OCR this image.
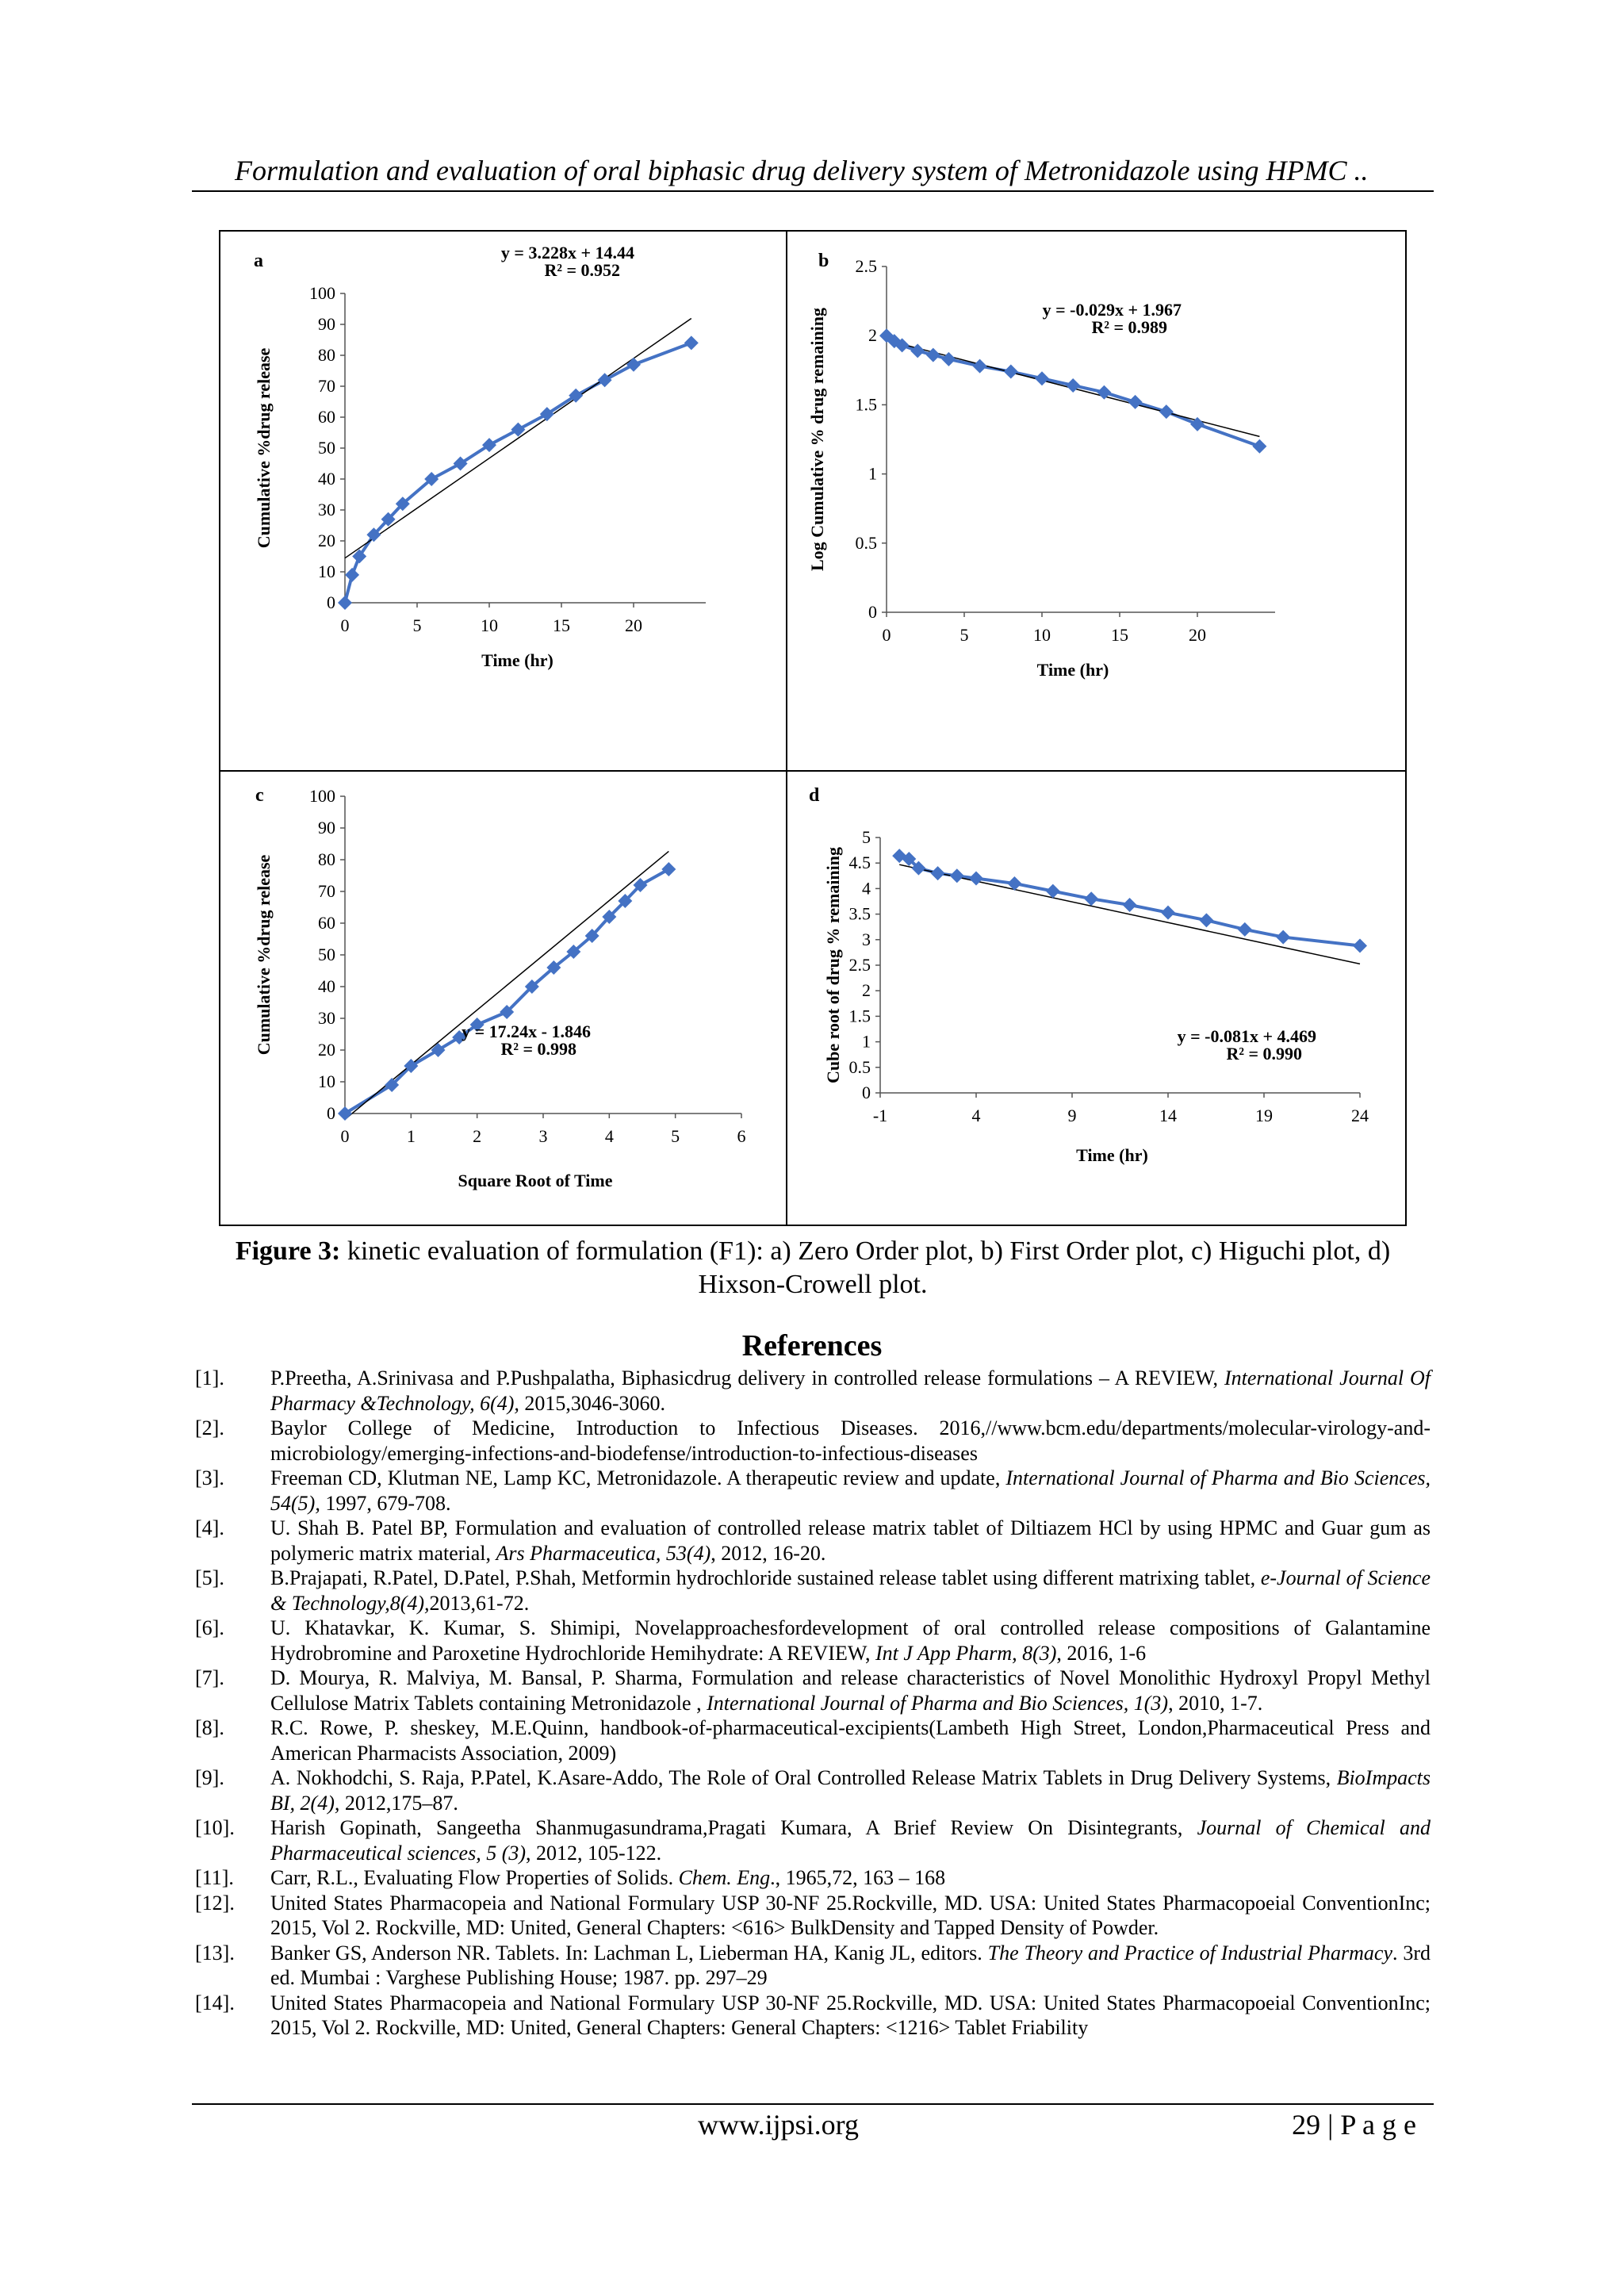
Formulation and evaluation of oral biphasic drug delivery system of Metronidazole using HPMC ..
a
0
10
20
30
40
50
60
70
80
90
100
0	5	10	15	20
Time (hr)
Cumulative %drug release
y = 3.228x + 14.44
R² = 0.952	b
0
0.5
1
1.5
2
2.5
0	5	10	15	20
Time (hr)
Log Cumulative % drug remaining	y = -0.029x + 1.967
R² = 0.989
c
0
10
20
30
40
50
60
70
80
90
100
0	1	2	3	4	5	6
Square Root of Time
Cumulative %drug release	y = 17.24x - 1.846
R² = 0.998
d
0
0.5
1
1.5
2
2.5
3
3.5
4
4.5
5
-1	4	9	14	19	24
Time (hr)
Cube root of drug % remaining	y = -0.081x + 4.469
R² = 0.990
Figure 3: kinetic evaluation of formulation (F1): a) Zero Order plot, b) First Order plot, c) Higuchi plot, d) Hixson-Crowell plot.
References
[1].	P.Preetha, A.Srinivasa and P.Pushpalatha, Biphasicdrug delivery in controlled release formulations – A REVIEW, International Journal Of Pharmacy &Technology, 6(4), 2015,3046-3060.
[2].	Baylor College of Medicine, Introduction to Infectious Diseases. 2016,//www.bcm.edu/departments/molecular-virology-and-microbiology/emerging-infections-and-biodefense/introduction-to-infectious-diseases
[3].	Freeman CD, Klutman NE, Lamp KC, Metronidazole. A therapeutic review and update, International Journal of Pharma and Bio Sciences, 54(5), 1997, 679-708.
[4].	U. Shah B. Patel BP, Formulation and evaluation of controlled release matrix tablet of Diltiazem HCl by using HPMC and Guar gum as polymeric matrix material, Ars Pharmaceutica, 53(4), 2012, 16-20.
[5].	B.Prajapati, R.Patel, D.Patel, P.Shah, Metformin hydrochloride sustained release tablet using different matrixing tablet, e-Journal of Science & Technology,8(4),2013,61-72.
[6].	U. Khatavkar, K. Kumar, S. Shimipi, Novelapproachesfordevelopment of oral controlled release compositions of Galantamine Hydrobromine and Paroxetine Hydrochloride Hemihydrate: A REVIEW, Int J App Pharm, 8(3), 2016, 1-6
[7].	D. Mourya, R. Malviya, M. Bansal, P. Sharma, Formulation and release characteristics of Novel Monolithic Hydroxyl Propyl Methyl Cellulose Matrix Tablets containing Metronidazole , International Journal of Pharma and Bio Sciences, 1(3), 2010, 1-7.
[8].	R.C. Rowe, P. sheskey, M.E.Quinn, handbook-of-pharmaceutical-excipients(Lambeth High Street, London,Pharmaceutical Press and American Pharmacists Association, 2009)
[9].	A. Nokhodchi, S. Raja, P.Patel, K.Asare-Addo, The Role of Oral Controlled Release Matrix Tablets in Drug Delivery Systems, BioImpacts BI, 2(4), 2012,175–87.
[10].	Harish Gopinath, Sangeetha Shanmugasundrama,Pragati Kumara, A Brief Review On Disintegrants, Journal of Chemical and Pharmaceutical sciences, 5 (3), 2012, 105-122.
[11].	Carr, R.L., Evaluating Flow Properties of Solids. Chem. Eng., 1965,72, 163 – 168
[12].	United States Pharmacopeia and National Formulary USP 30-NF 25.Rockville, MD. USA: United States Pharmacopoeial ConventionInc; 2015, Vol 2. Rockville, MD: United, General Chapters: <616> BulkDensity and Tapped Density of Powder.
[13].	Banker GS, Anderson NR. Tablets. In: Lachman L, Lieberman HA, Kanig JL, editors. The Theory and Practice of Industrial Pharmacy. 3rd ed. Mumbai : Varghese Publishing House; 1987. pp. 297–29
[14].	United States Pharmacopeia and National Formulary USP 30-NF 25.Rockville, MD. USA: United States Pharmacopoeial ConventionInc; 2015, Vol 2. Rockville, MD: United, General Chapters: General Chapters: <1216> Tablet Friability
www.ijpsi.org	29 | P a g e
